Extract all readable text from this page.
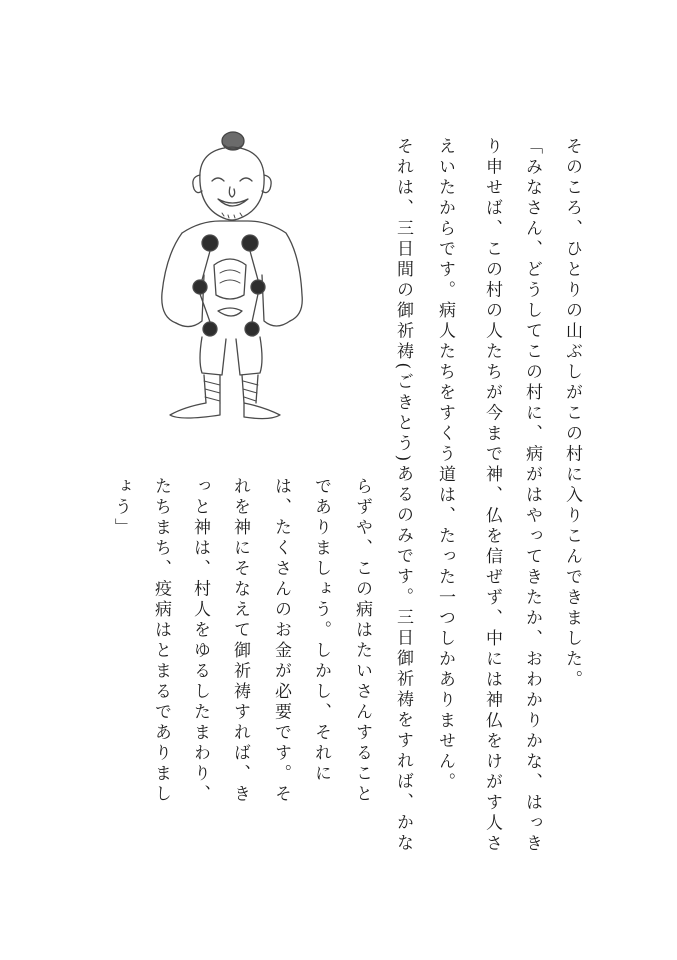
そのころ、ひとりの山ぶしがこの村に入りこんできました。

「みなさん、どうしてこの村に、病がはやってきたか、おわかりかな、はっき

り申せば、この村の人たちが今まで神、仏を信ぜず、中には神仏をけがす人さ

えいたからです。病人たちをすくう道は、たった一つしかありません。

それは、三日間の御祈祷(ごきとう)あるのみです。三日御祈祷をすれば、かな

らずや、この病はたいさんすること

でありましょう。しかし、それに

は、たくさんのお金が必要です。そ

れを神にそなえて御祈祷すれば、き

っと神は、村人をゆるしたまわり、

たちまち、疫病はとまるでありまし

ょう」
